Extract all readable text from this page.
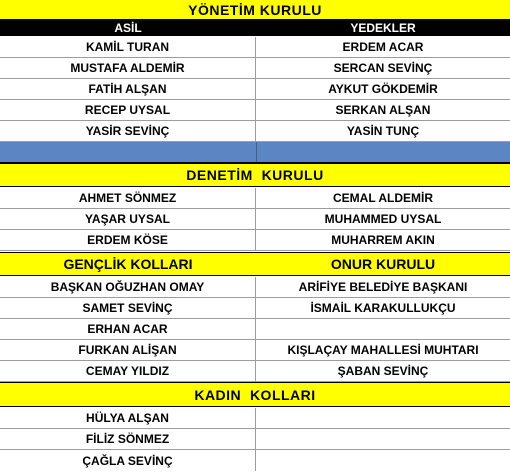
YÖNETİM KURULU
ASİL	YEDEKLER
KAMİL TURAN	ERDEM ACAR
MUSTAFA ALDEMİR	SERCAN SEVİNÇ
FATİH ALŞAN	AYKUT GÖKDEMİR
RECEP UYSAL	SERKAN ALŞAN
YASİR SEVİNÇ	YASİN TUNÇ
DENETİM  KURULU
AHMET SÖNMEZ	CEMAL ALDEMİR
YAŞAR UYSAL	MUHAMMED UYSAL
ERDEM KÖSE	MUHARREM AKIN
GENÇLİK KOLLARI	ONUR KURULU
BAŞKAN OĞUZHAN OMAY	ARİFİYE BELEDİYE BAŞKANI
SAMET SEVİNÇ	İSMAİL KARAKULLUKÇU
ERHAN ACAR
FURKAN ALİŞAN	KIŞLAÇAY MAHALLESİ MUHTARI
CEMAY YILDIZ	ŞABAN SEVİNÇ
KADIN  KOLLARI
HÜLYA ALŞAN
FİLİZ SÖNMEZ
ÇAĞLA SEVİNÇ
